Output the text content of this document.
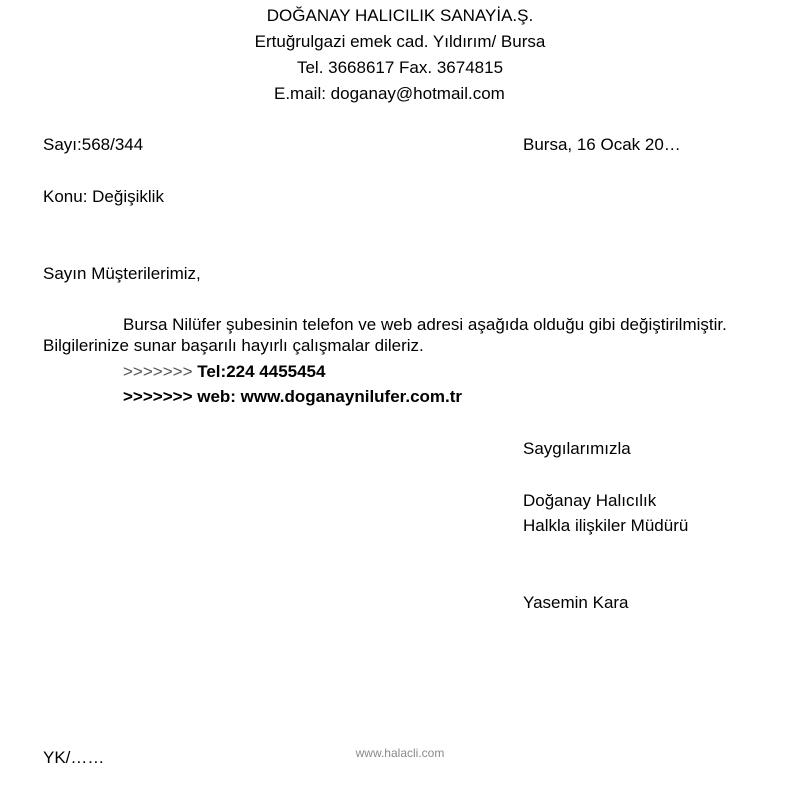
DOĞANAY HALICILIK SANAYİA.Ş.
Ertuğrulgazi emek cad. Yıldırım/ Bursa
Tel. 3668617 Fax. 3674815
E.mail: doganay@hotmail.com
Sayı:568/344	Bursa, 16 Ocak 20…
Konu: Değişiklik
Sayın Müşterilerimiz,
Bursa Nilüfer şubesinin telefon ve web adresi aşağıda olduğu gibi değiştirilmiştir.
Bilgilerinize sunar başarılı hayırlı çalışmalar dileriz.
>>>>>>> Tel:224 4455454
>>>>>>> web: www.doganaynilufer.com.tr
Saygılarımızla
Doğanay Halıcılık
Halkla ilişkiler Müdürü
Yasemin Kara
YK/……	www.halacli.com
